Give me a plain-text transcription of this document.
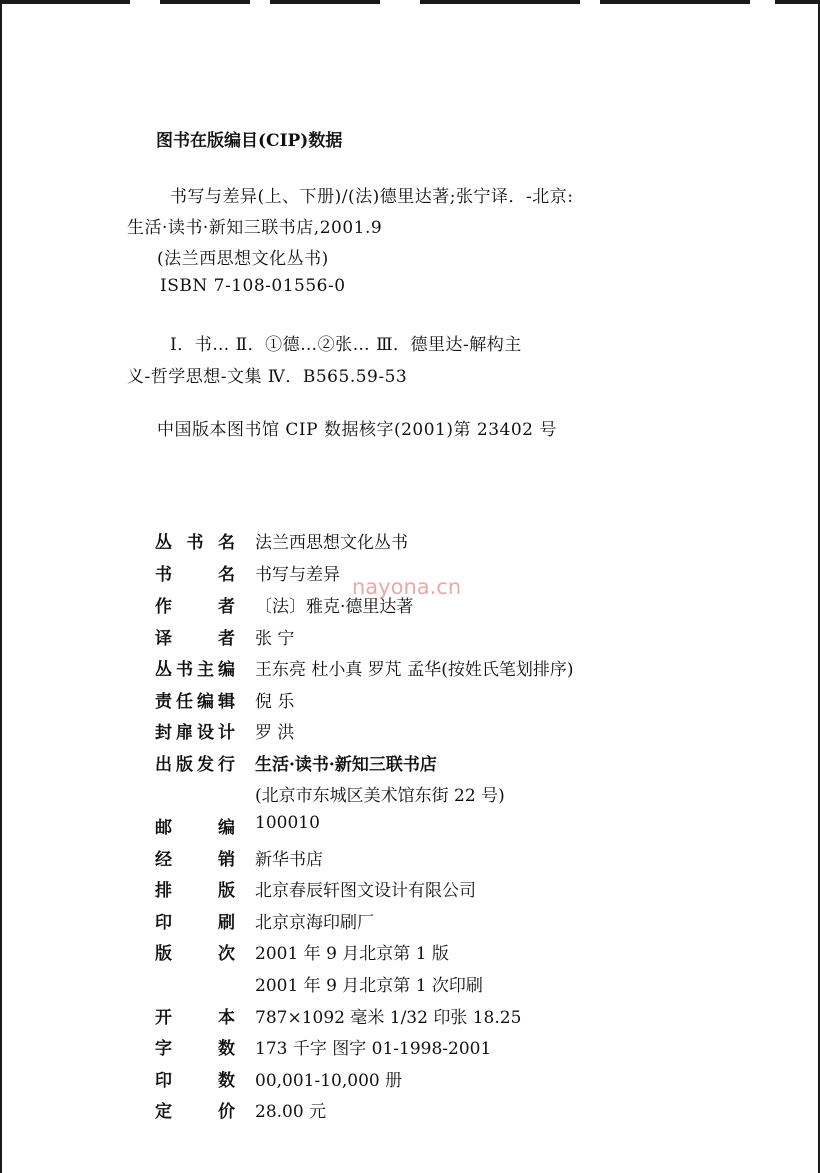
图书在版编目(CIP)数据
书写与差异(上、下册)/(法)德里达著;张宁译．-北京:
生活·读书·新知三联书店,2001.9
(法兰西思想文化丛书)
ISBN 7-108-01556-0
Ⅰ．书… Ⅱ．①德…②张… Ⅲ．德里达-解构主
义-哲学思想-文集 Ⅳ．B565.59-53
中国版本图书馆 CIP 数据核字(2001)第 23402 号
nayona.cn
丛 书 名 法兰西思想文化丛书
书	名 书写与差异
作	者 〔法〕雅克·德里达著
译	者 张 宁
丛 书 主 编 王东亮 杜小真 罗芃 孟华(按姓氏笔划排序)
责 任 编 辑 倪 乐
封 扉 设 计 罗 洪
出 版 发 行 生活·读书·新知三联书店
(北京市东城区美术馆东街 22 号)
邮	编 100010
经	销 新华书店
排	版 北京春辰轩图文设计有限公司
印	刷 北京京海印刷厂
版	次 2001 年 9 月北京第 1 版
2001 年 9 月北京第 1 次印刷
开	本 787×1092 毫米 1/32 印张 18.25
字	数 173 千字 图字 01-1998-2001
印	数 00,001-10,000 册
定	价 28.00 元
